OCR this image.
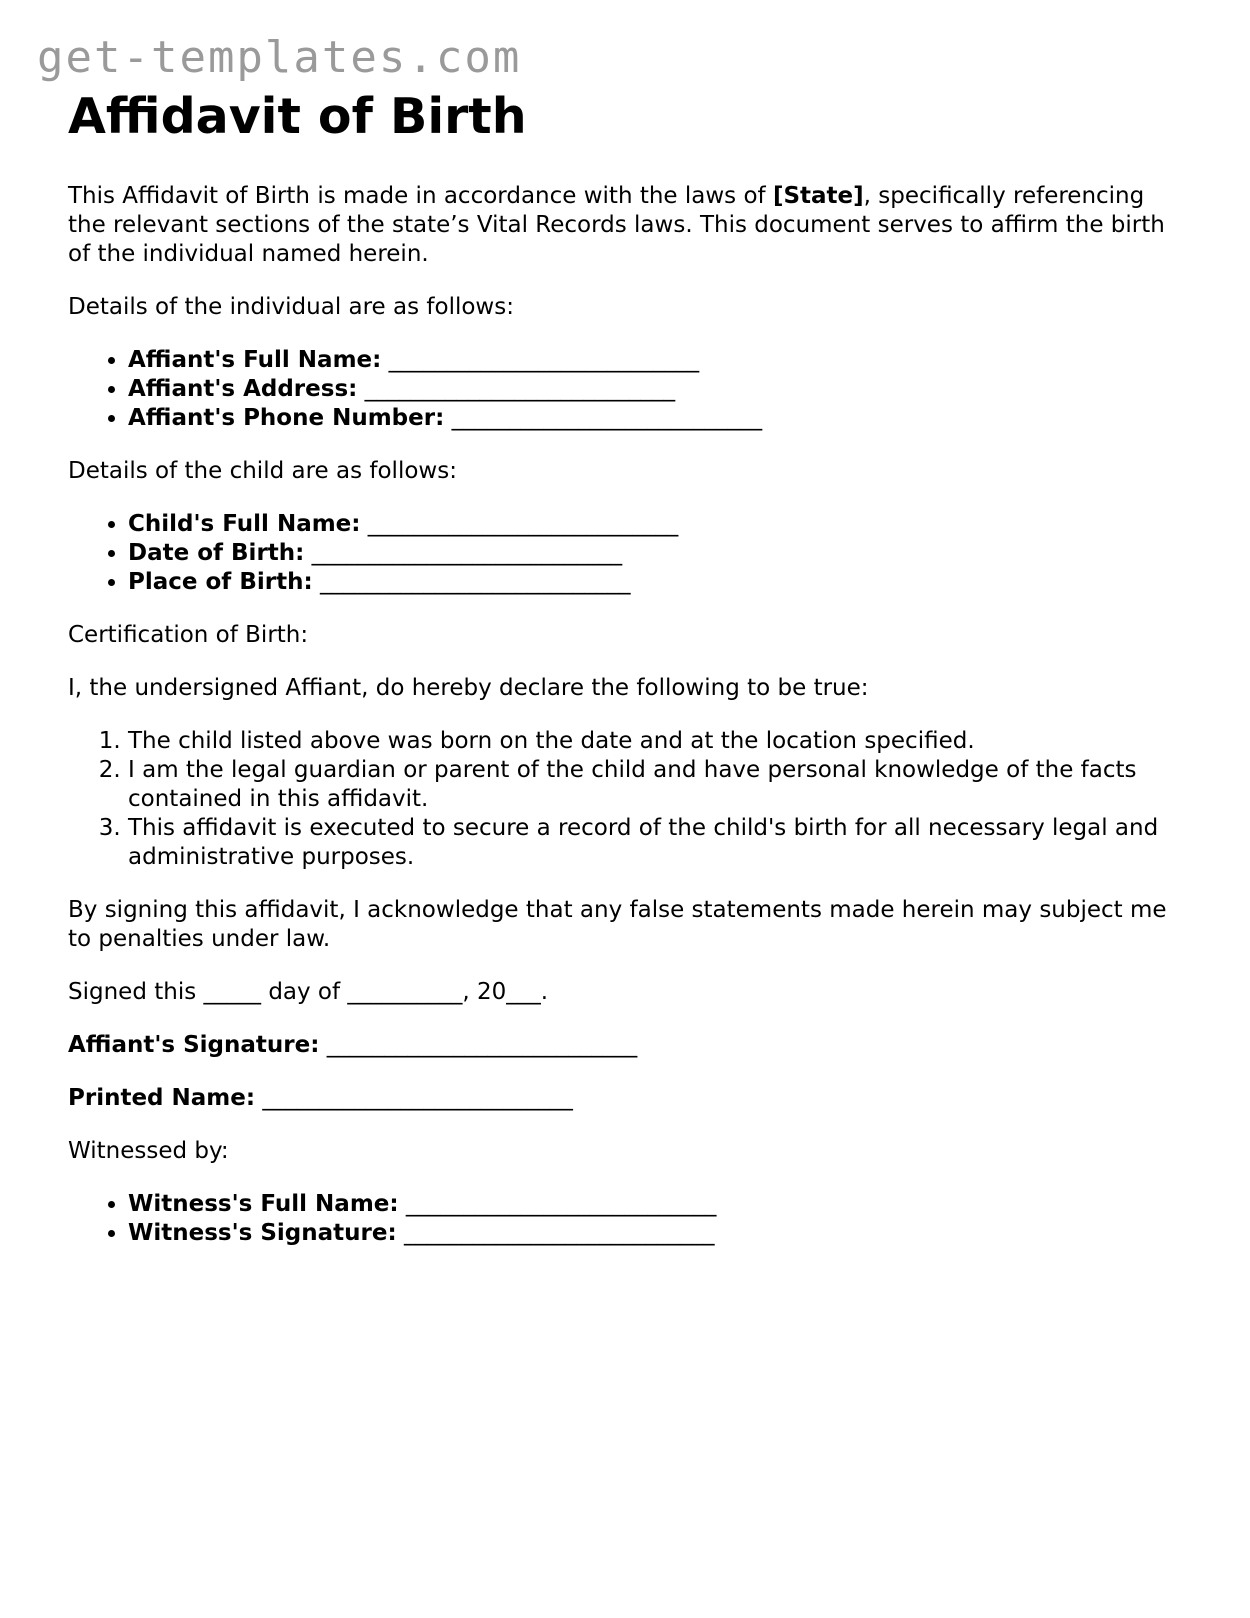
get-templates.com
Affidavit of Birth

This Affidavit of Birth is made in accordance with the laws of [State], specifically referencing the relevant sections of the state’s Vital Records laws. This document serves to affirm the birth of the individual named herein.

Details of the individual are as follows:

• Affiant's Full Name: ___________________________
• Affiant's Address: ___________________________
• Affiant's Phone Number: ___________________________

Details of the child are as follows:

• Child's Full Name: ___________________________
• Date of Birth: ___________________________
• Place of Birth: ___________________________

Certification of Birth:

I, the undersigned Affiant, do hereby declare the following to be true:

1. The child listed above was born on the date and at the location specified.
2. I am the legal guardian or parent of the child and have personal knowledge of the facts contained in this affidavit.
3. This affidavit is executed to secure a record of the child's birth for all necessary legal and administrative purposes.

By signing this affidavit, I acknowledge that any false statements made herein may subject me to penalties under law.

Signed this _____ day of __________, 20___.

Affiant's Signature: ___________________________

Printed Name: ___________________________

Witnessed by:

• Witness's Full Name: ___________________________
• Witness's Signature: ___________________________
